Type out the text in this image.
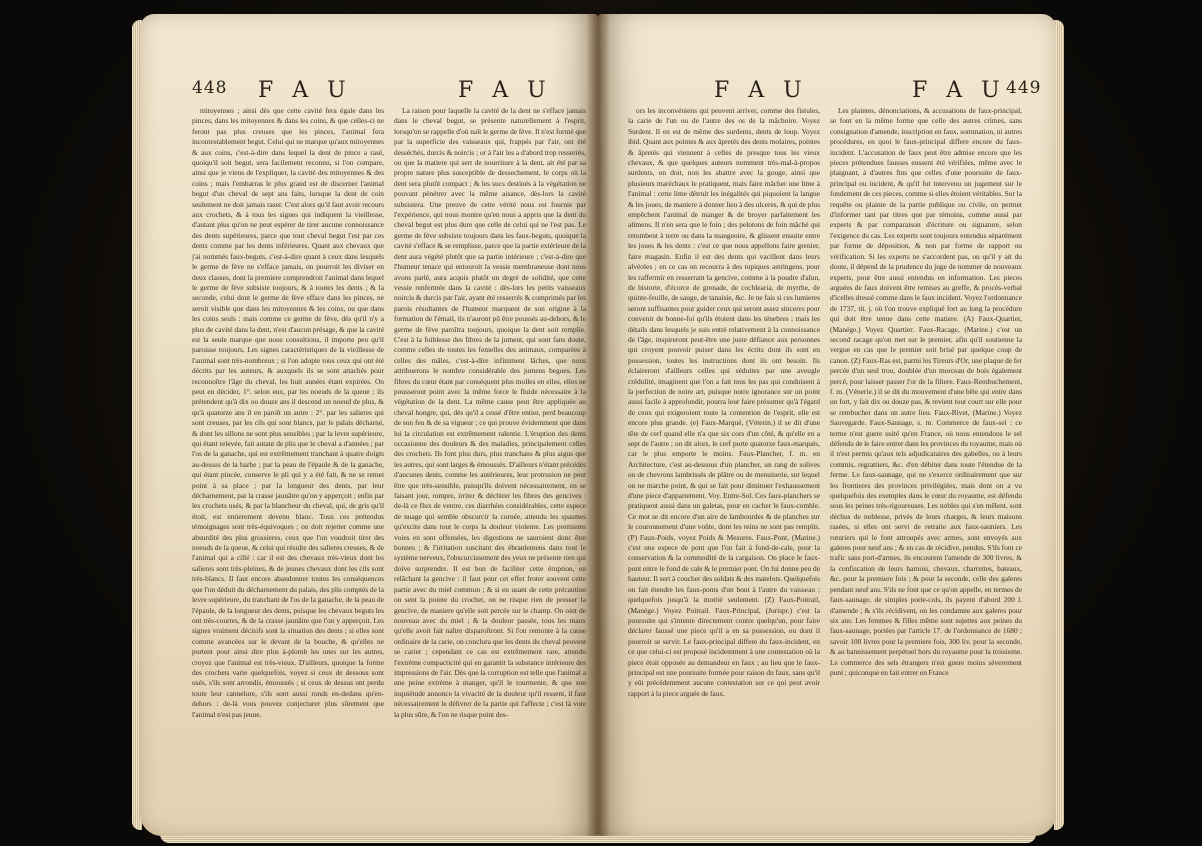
448 F A U	F A U
mitoyennes ; ainsi dès que cette cavité fera égale dans les pinces, dans les mitoyennes & dans les coins, & que celles-ci ne feront pas plus creuses que les pinces, l'animal fera incontestablement begut. Celui qui ne marque qu'aux mitoyennes & aux coins, c'est-à-dire dans lequel la dent de pince a rasé, quoiqu'il soit begut, sera facilement reconnu, si l'on compare, ainsi que je viens de l'expliquer, la cavité des mitoyennes & des coins ; mais l'embarras le plus grand est de discerner l'animal begut d'un cheval de sept ans faits, lorsque la dent de coin seulement ne doit jamais raser. C'est alors qu'il faut avoir recours aux crochets, & à tous les signes qui indiquent la vieillesse, d'autant plus qu'on ne peut espérer de tirer aucune connoissance des dents supérieures, parce que tout cheval begut l'est par ces dents comme par les dents inférieures. Quant aux chevaux que j'ai nommés faux-beguts, c'est-à-dire quant à ceux dans lesquels le germe de fève ne s'efface jamais, on pourroit les diviser en deux classes, dont la premiere comprendroit l'animal dans lequel le germe de fève subsiste toujours, & à toutes les dents ; & la seconde, celui dont le germe de fève efface dans les pinces, ne seroit visible que dans les mitoyennes & les coins, ou que dans les coins seuls : mais comme ce germe de fève, dès qu'il n'y a plus de cavité dans la dent, n'est d'aucun présage, & que la cavité est la seule marque que nous consultions, il importe peu qu'il paroisse toujours. Les signes caractéristiques de la vieillesse de l'animal sont très-nombreux ; si l'on adopte tous ceux qui ont été décrits par les auteurs, & auxquels ils se sont attachés pour reconnoître l'âge du cheval, les huit années étant expirées. On peut en décider, 1°. selon eux, par les noeuds de la queue ; ils prétendent qu'à dix ou douze ans il descend un noeud de plus, & qu'à quatorze ans il en paroît un autre : 2°. par les salieres qui sont creuses, par les cils qui sont blancs, par le palais décharné, & dont les sillons ne sont plus sensibles ; par la levre supérieure, qui étant relevée, fait autant de plis que le cheval a d'années ; par l'os de la ganache, qui est extrêmement tranchant à quatre doigts au-dessus de la barbe ; par la peau de l'épaule & de la ganache, qui étant pincée, conserve le pli qui y a été fait, & ne se remet point à sa place ; par la longueur des dents, par leur décharnement, par la crasse jaunâtre qu'on y apperçoit ; enfin par les crochets usés, & par la blancheur du cheval, qui, de gris qu'il étoit, est entierement devenu blanc. Tous ces prétendus témoignages sont très-équivoques ; on doit rejetter comme une absurdité des plus grossieres, ceux que l'on voudroit tirer des noeuds de la queue, & celui qui résulte des salieres creuses, & de l'animal qui a cillé : car il est des chevaux très-vieux dont les salieres sont très-pleines, & de jeunes chevaux dont les cils sont très-blancs. Il faut encore abandonner toutes les conséquences que l'on déduit du décharnement du palais, des plis comptés de la levre supérieure, du tranchant de l'os de la ganache, de la peau de l'épaule, de la longueur des dents, puisque les chevaux beguts les ont très-courtes, & de la crasse jaunâtre que l'on y apperçoit. Les signes vraiment décisifs sont la situation des dents ; si elles sont comme avancées sur le devant de la bouche, & qu'elles ne portent pour ainsi dire plus à-plomb les unes sur les autres, croyez que l'animal est très-vieux. D'ailleurs, quoique la forme des crochets varie quelquefois, voyez si ceux de dessous sont usés, s'ils sont arrondis, émoussés ; si ceux de dessus ont perdu toute leur cannelure, s'ils sont aussi ronds en-dedans qu'en-dehors : de-là vous pouvez conjecturer plus sûrement que l'animal n'est pas jeune.
La raison pour laquelle la cavité de la dent ne s'efface jamais dans le cheval begut, se présente naturellement à l'esprit, lorsqu'on se rappelle d'où naît le germe de fève. Il n'est formé que par la superficie des vaisseaux qui, frappés par l'air, ont été desséchés, durcis & noircis ; or à l'air les a d'abord trop resserrés, ou que la matiere qui sert de nourriture à la dent, ait été par sa propre nature plus susceptible de dessechement, le corps où la dent sera plutôt compact ; & les sucs destinés à la végétation ne pouvant pénétrer avec la même aisance, dès-lors la cavité subsistera. Une preuve de cette vérité nous est fournie par l'expérience, qui nous montre qu'en nous a appris que la dent du cheval begut est plus dure que celle de celui qui ne l'est pas. Le germe de fève subsiste toujours dans les faux-beguts, quoique la cavité s'efface & se remplisse, parce que la partie extérieure de la dent aura végété plutôt que sa partie intérieure ; c'est-à-dire que l'humeur tenace qui entouroit la vessie membraneuse dont nous avons parlé, aura acquis plutôt un degré de solidité, que cette vessie renfermée dans la cavité : dès-lors les petits vaisseaux noircis & durcis par l'air, ayant été resserrés & comprimés par les parois résultantes de l'humeur marquent de son origine à la formation de l'émail, ils n'auront pû être poussés au-dehors, & le germe de fève paroîtra toujours, quoique la dent soit remplie. C'est à la foiblesse des fibres de la jument, qui sont fans doute, comme celles de toutes les femelles des animaux, comparées à celles des mâles, c'est-à-dire infiniment lâches, que nous attribuerons le nombre considérable des jumens begues. Les fibres du cœur étant par conséquent plus molles en elles, elles ne pousseront point avec la même force le fluide nécessaire à la végétation de la dent. La même cause peut être appliquée au cheval hongre, qui, dès qu'il a cessé d'être entier, perd beaucoup de son feu & de sa vigueur ; ce qui prouve évidemment que dans lui la circulation est extrêmement ralentie. L'éruption des dents occasionne des douleurs & des maladies, principalement celles des crochets. Ils font plus durs, plus tranchans & plus aigus que les autres, qui sont larges & émoussés. D'ailleurs n'étant précédés d'aucunes dents, comme les antérieures, leur protrusion ne peut être que très-sensible, puisqu'ils doivent nécessairement, en se faisant jour, rompre, irriter & déchirer les fibres des gencives : de-là ce flux de ventre, ces diarrhées considérables, cette espece de nuage qui semble obscurcir la cornée, attendu les spasmes qu'excite dans tout le corps la douleur violente. Les premieres voies en sont offensées, les digestions ne sauroient donc être bonnes ; & l'irritation suscitant des ébranlemens dans tout le système nerveux, l'obscurcissement des yeux ne présente rien qui doive surprendre. Il est bon de faciliter cette éruption, en relâchant la gencive : il faut pour cet effet froter souvent cette partie avec du miel commun ; & si en usant de cette précaution on sent la pointe du crochet, on ne risque rien de presser la gencive, de maniere qu'elle soit percée sur le champ. On oint de nouveau avec du miel ; & la douleur passée, tous les maux qu'elle avoit fait naître disparoîtront. Si l'on remonte à la cause ordinaire de la carie, on conclura que les dents du cheval peuvent se carier ; cependant ce cas est extrêmement rare, attendu l'extrème compacticité qui en garantit la substance intérieure des impressions de l'air. Dès que la corruption est telle que l'animal a une peine extrème à manger, qu'il le tourmente, & que son inquiétude annonce la vivacité de la douleur qu'il ressent, il faut nécessairement le délivrer de la partie qui l'affecte ; c'est là voie la plus sûre, & l'on ne risque point des-
F A U	F A U 449
ors les inconvéniens qui peuvent arriver, comme des fistules, la carie de l'un ou de l'autre des os de la mâchoire. Voyez Surdent. Il en est de même des surdents, dents de loup. Voyez ibid. Quant aux pointes & aux âpretés des dents molaires, pointes & âpretés qui viennent à celles de presque tous les vieux chevaux, & que quelques auteurs nomment très-mal-à-propos surdents, on doit, non les abattre avec la gouge, ainsi que plusieurs maréchaux le pratiquent, mais faire mâcher une lime à l'animal : cette lime détruit les inégalités qui piquoient la langue & les joues, de maniere à donner lieu à des ulceres, & qui de plus empêchent l'animal de manger & de broyer parfaitement les alimens. Il n'en sera que le foin ; des pelotons de foin mâché qui retombent à terre ou dans la mangeoire, & glissent ensuite entre les joues & les dents : c'est ce que nous appellons faire grenier, faire magasin. Enfin il est des dents qui vacillent dans leurs alvéoles ; en ce cas on recourra à des topiques astringens, pour les raffermir en resserrant la gencive, comme à la poudre d'alun, de bistorte, d'écorce de grenade, de cochlearia, de myrrhe, de quinte-feuille, de sauge, de tanaisie, &c. Je ne fais si ces lumieres seront suffisantes pour guider ceux qui seront assez sinceres pour convenir de bonne-foi qu'ils étoient dans les ténebres ; mais les détails dans lesquels je suis entré relativement à la connoissance de l'âge, inspireront peut-être une juste défiance aux personnes qui croyent pouvoir puiser dans les écrits dont ils sont en possession, toutes les instructions dont ils ont besoin. Ils éclaireront d'ailleurs celles qui séduites par une aveugle crédulité, imaginent que l'on a fait tous les pas qui conduisent à la perfection de notre art, puisque notre ignorance sur un point aussi facile à approfondir, pourra leur faire présumer qu'à l'égard de ceux qui exigeroient toute la contention de l'esprit, elle est encore plus grande. (e) Faux-Marqué, (Véterin.) il se dit d'une tête de cerf quand elle n'a que six cors d'un côté, & qu'elle en a sept de l'autre ; on dit alors, le cerf porte quatorze faux-marqués, car le plus emporte le moins. Faux-Plancher, f. m. en Architecture, c'est au-dessous d'un plancher, un rang de solives ou de chevrons lambrissés de plâtre ou de menuiserie, sur lequel on ne marche point, & qui se fait pour diminuer l'exhaussement d'une piece d'appartement. Voy. Entre-Sol. Ces faux-planchers se pratiquent aussi dans un galetas, pour en cacher le faux-comble. Ce mot se dit encore d'un aire de lambourdes & de planches sur le couronnement d'une voûte, dont les reins ne sont pas remplis. (P) Faux-Poids, voyez Poids & Mesures. Faux-Pont, (Marine.) c'est une espece de pont que l'on fait à fond-de-cale, pour la conservation & la commodité de la cargaison. On place le faux-pont entre le fond de cale & le premier pont. On lui donne peu de hauteur. Il sert à coucher des soldats & des matelots. Quelquefois on fait étendre les faux-ponts d'un bout à l'autre du vaisseau ; quelquefois jusqu'à la moitié seulement. (Z) Faux-Poitrail, (Manége.) Voyez Poitrail. Faux-Principal, (Jurispr.) c'est la poursuite qui s'intente directement contre quelqu'un, pour faire déclarer faussé une piece qu'il a en sa possession, ou dont il pourroit se servir. Le faux-principal differe du faux-incident, en ce que celui-ci est proposé incidemment à une contestation où la piece étoit opposée au demandeur en faux ; au lieu que le faux-principal est une poursuite formée pour raison du faux, sans qu'il y eût précédemment aucune contestation sur ce qui peut avoir rapport à la piece arguée de faux.
Les plaintes, dénonciations, & accusations de faux-principal, se font en la même forme que celle des autres crimes, sans consignation d'amende, inscription en faux, sommation, ni autres procédures, en quoi le faux-principal differe encore du faux-incident. L'accusation de faux peut être admise encore que les pieces prétendues fausses eussent été vérifiées, même avec le plaignant, à d'autres fins que celles d'une poursuite de faux-principal ou incident, & qu'il fut intervenu un jugement sur le fondement de ces pieces, comme si elles étoient véritables. Sur la requête ou plainte de la partie publique ou civile, on permet d'informer tant par titres que par témoins, comme aussi par experts & par comparaison d'écriture ou signature, selon l'exigence du cas. Les experts sont toujours entendus séparément par forme de déposition, & non par forme de rapport ou vérification. Si les experts ne s'accordent pas, ou qu'il y ait du doute, il dépend de la prudence du juge de nommer de nouveaux experts, pour être aussi entendus en information. Les pieces arguées de faux doivent être remises au greffe, & procès-verbal d'icelles dressé comme dans le faux incident. Voyez l'ordonnance de 1737, tit. j. où l'on trouve expliqué fort au long la procédure qui doit être tenue dans cette matiere. (A) Faux-Quartier, (Manége.) Voyez Quartier. Faux-Racage, (Marine.) c'est un second racage qu'on met sur le premier, afin qu'il soutienne la vergue en cas que le premier soit brisé par quelque coup de canon. (Z) Faux-Ras est, parmi les Tireurs d'Or, une plaque de fer percée d'un seul trou, doublée d'un morceau de bois également percé, pour laisser passer l'or de la filiere. Faux-Rembuchement, f. m. (Vénerie.) il se dit du mouvement d'une bête qui entre dans un fort, y fait dix ou douze pas, & revient tout court sur elle pour se rembucher dans un autre lieu. Faux-Rivet, (Marine.) Voyez Sauvegarde. Faux-Saunage, s. m. Commerce de faux-sel : ce terme n'est guere usité qu'en France, où nous entendons le sel défendu de le faire entrer dans les provinces du royaume, mais où il n'est permis qu'aux tels adjudicataires des gabelles, ou à leurs commis, regrattiers, &c. d'en débiter dans toute l'étendue de la ferme. Le faux-saunage, qui ne s'exerce ordinairement que sur les frontieres des provinces privilégiées, mais dont on a vu quelquefois des exemples dans le cœur du royaume, est défendu sous les peines très-rigoureuses. Les nobles qui s'en mêlent, sont déchus de noblesse, privés de leurs charges, & leurs maisons rasées, si elles ont servi de retraite aux faux-sauniers. Les roturiers qui le font attroupés avec armes, sont envoyés aux galeres pour neuf ans ; & en cas de récidive, pendus. S'ils font ce trafic sans port-d'armes, ils encourent l'amende de 300 livres, & la confiscation de leurs harnois, chevaux, charrettes, bateaux, &c. pour la premiere fois ; & pour la seconde, celle des galeres pendant neuf ans. S'ils ne font que ce qu'on appelle, en termes de faux-saunage, de simples porte-cols, ils payent d'abord 200 l. d'amende ; & s'ils récidivent, on les condamne aux galeres pour six ans. Les femmes & filles même sont sujettes aux peines du faux-saunage, portées par l'article 17. de l'ordonnance de 1680 ; savoir 100 livres pour la premiere fois, 300 liv. pour la seconde, & au bannissement perpétuel hors du royaume pour la troisieme. Le commerce des sels étrangers n'est guere moins séverement puni ; quiconque en fait entrer en France
